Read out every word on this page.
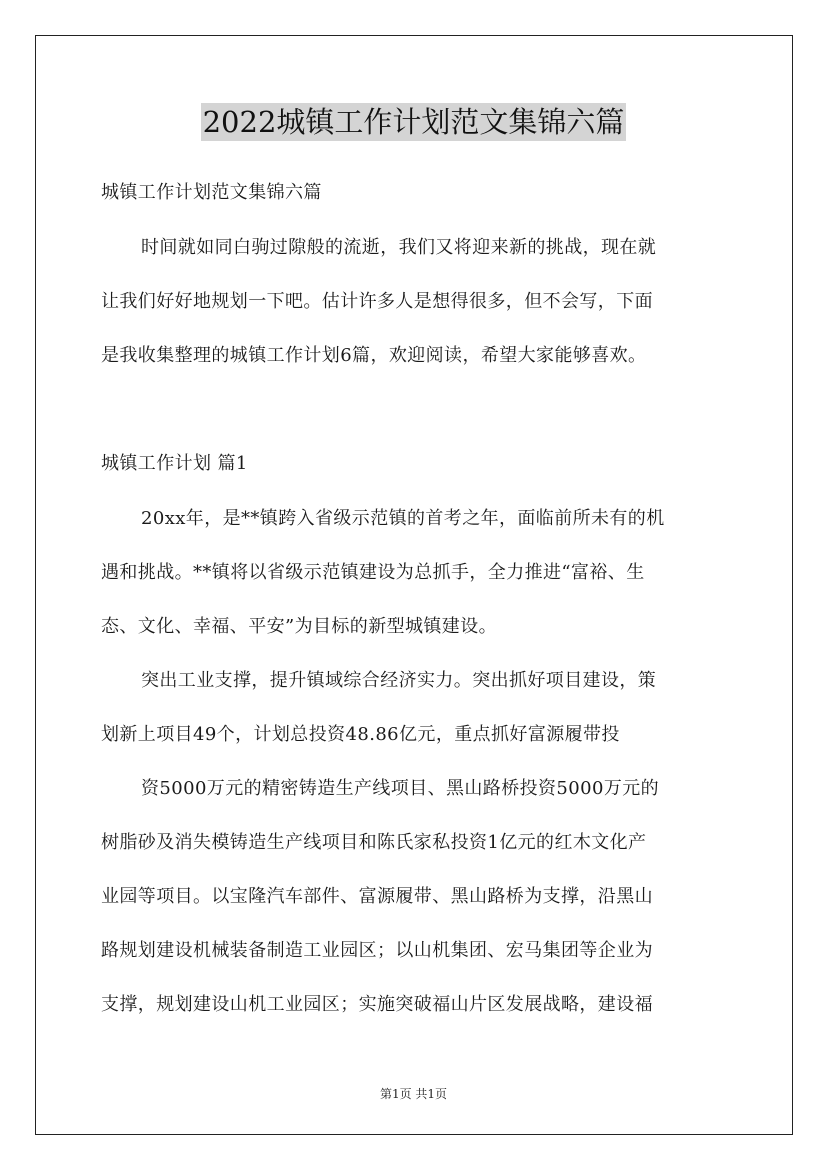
2022城镇工作计划范文集锦六篇
城镇工作计划范文集锦六篇
时间就如同白驹过隙般的流逝，我们又将迎来新的挑战，现在就
让我们好好地规划一下吧。估计许多人是想得很多，但不会写，下面
是我收集整理的城镇工作计划6篇，欢迎阅读，希望大家能够喜欢。
城镇工作计划 篇1
20xx年，是**镇跨入省级示范镇的首考之年，面临前所未有的机
遇和挑战。**镇将以省级示范镇建设为总抓手，全力推进“富裕、生
态、文化、幸福、平安”为目标的新型城镇建设。
突出工业支撑，提升镇域综合经济实力。突出抓好项目建设，策
划新上项目49个，计划总投资48.86亿元，重点抓好富源履带投
资5000万元的精密铸造生产线项目、黑山路桥投资5000万元的
树脂砂及消失模铸造生产线项目和陈氏家私投资1亿元的红木文化产
业园等项目。以宝隆汽车部件、富源履带、黑山路桥为支撑，沿黑山
路规划建设机械装备制造工业园区；以山机集团、宏马集团等企业为
支撑，规划建设山机工业园区；实施突破福山片区发展战略，建设福
第1页 共1页
